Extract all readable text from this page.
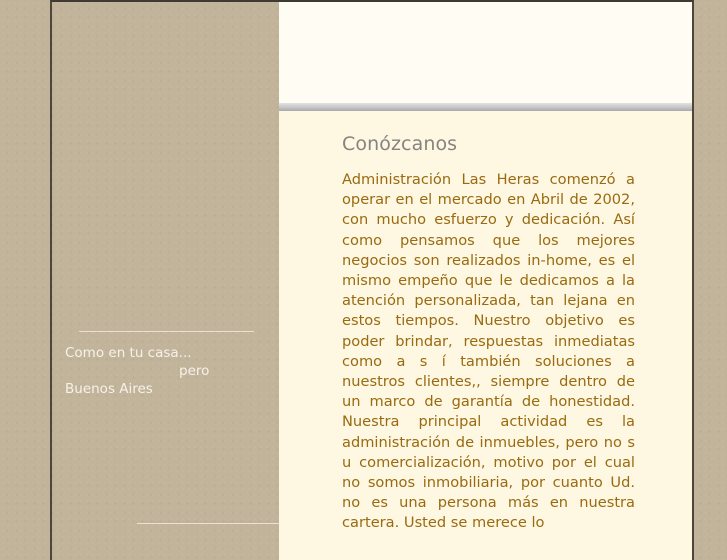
Como en tu casa...
pero
Buenos Aires
Conózcanos

Administración Las Heras comenzó a operar en el mercado en Abril de 2002, con mucho esfuerzo y dedicación. Así como pensamos que los mejores negocios son realizados in-home, es el mismo empeño que le dedicamos a la atención personalizada, tan lejana en estos tiempos. Nuestro objetivo es poder brindar, respuestas inmediatas como a s í también soluciones a nuestros clientes,, siempre dentro de un marco de garantía de honestidad. Nuestra principal actividad es la administración de inmuebles, pero no s u comercialización, motivo por el cual no somos inmobiliaria, por cuanto Ud. no es una persona más en nuestra cartera. Usted se merece lo
